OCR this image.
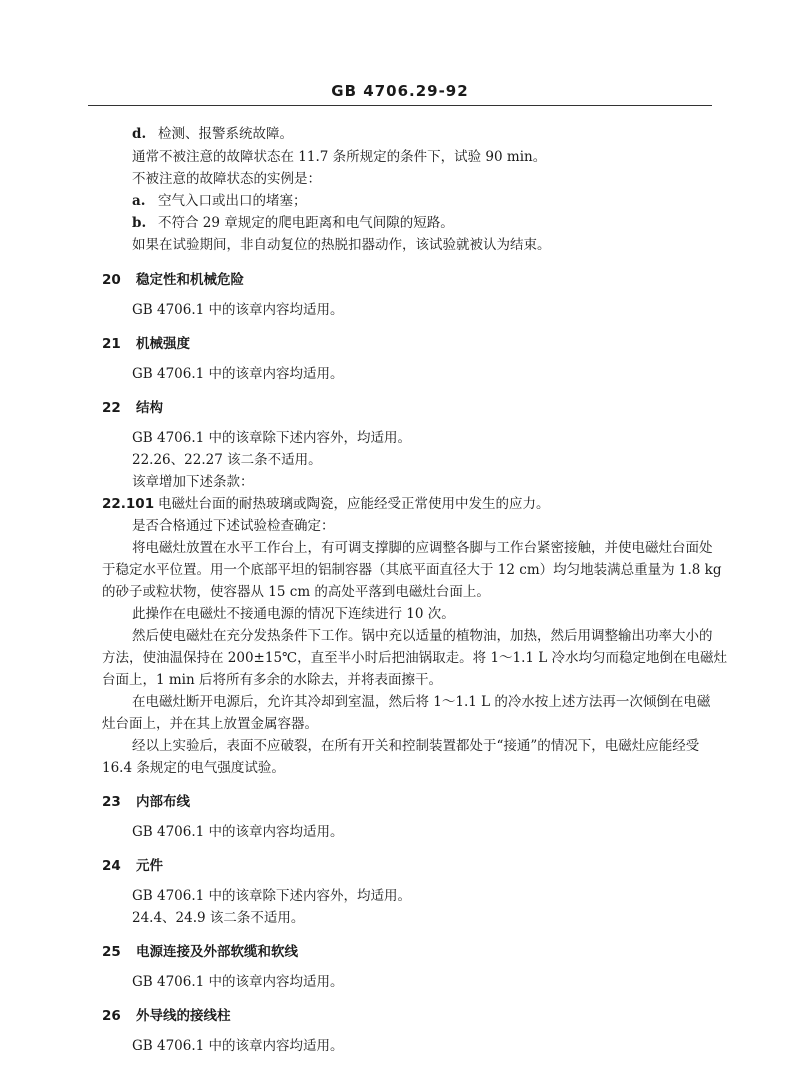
GB 4706.29-92
d. 检测、报警系统故障。
通常不被注意的故障状态在 11.7 条所规定的条件下，试验 90 min。
不被注意的故障状态的实例是：
a. 空气入口或出口的堵塞；
b. 不符合 29 章规定的爬电距离和电气间隙的短路。
如果在试验期间，非自动复位的热脱扣器动作，该试验就被认为结束。
20 稳定性和机械危险
GB 4706.1 中的该章内容均适用。
21 机械强度
GB 4706.1 中的该章内容均适用。
22 结构
GB 4706.1 中的该章除下述内容外，均适用。
22.26、22.27 该二条不适用。
该章增加下述条款：
22.101 电磁灶台面的耐热玻璃或陶瓷，应能经受正常使用中发生的应力。
是否合格通过下述试验检查确定：
将电磁灶放置在水平工作台上，有可调支撑脚的应调整各脚与工作台紧密接触，并使电磁灶台面处
于稳定水平位置。用一个底部平坦的铝制容器（其底平面直径大于 12 cm）均匀地装满总重量为 1.8 kg
的砂子或粒状物，使容器从 15 cm 的高处平落到电磁灶台面上。
此操作在电磁灶不接通电源的情况下连续进行 10 次。
然后使电磁灶在充分发热条件下工作。锅中充以适量的植物油，加热，然后用调整输出功率大小的
方法，使油温保持在 200±15℃，直至半小时后把油锅取走。将 1～1.1 L 冷水均匀而稳定地倒在电磁灶
台面上，1 min 后将所有多余的水除去，并将表面擦干。
在电磁灶断开电源后，允许其冷却到室温，然后将 1～1.1 L 的冷水按上述方法再一次倾倒在电磁
灶台面上，并在其上放置金属容器。
经以上实验后，表面不应破裂，在所有开关和控制装置都处于“接通”的情况下，电磁灶应能经受
16.4 条规定的电气强度试验。
23 内部布线
GB 4706.1 中的该章内容均适用。
24 元件
GB 4706.1 中的该章除下述内容外，均适用。
24.4、24.9 该二条不适用。
25 电源连接及外部软缆和软线
GB 4706.1 中的该章内容均适用。
26 外导线的接线柱
GB 4706.1 中的该章内容均适用。
